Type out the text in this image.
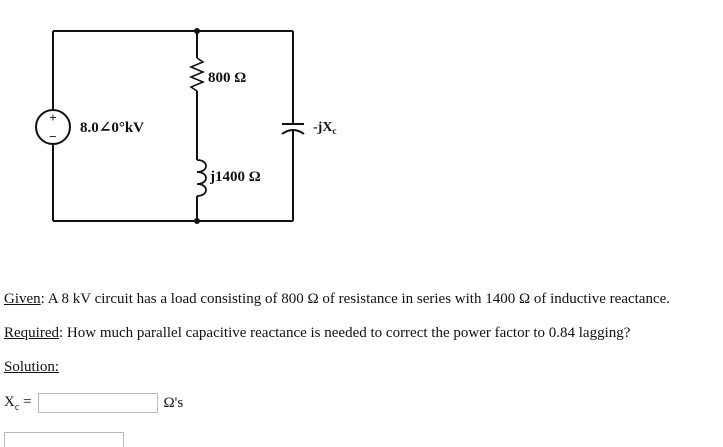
+
−
8.0∠0°kV
800 Ω
j1400 Ω
$-jX_c$
Given: A 8 kV circuit has a load consisting of 800 Ω of resistance in series with 1400 Ω of inductive reactance.
Required: How much parallel capacitive reactance is needed to correct the power factor to 0.84 lagging?
Solution:
$X_c$ =	Ω's
